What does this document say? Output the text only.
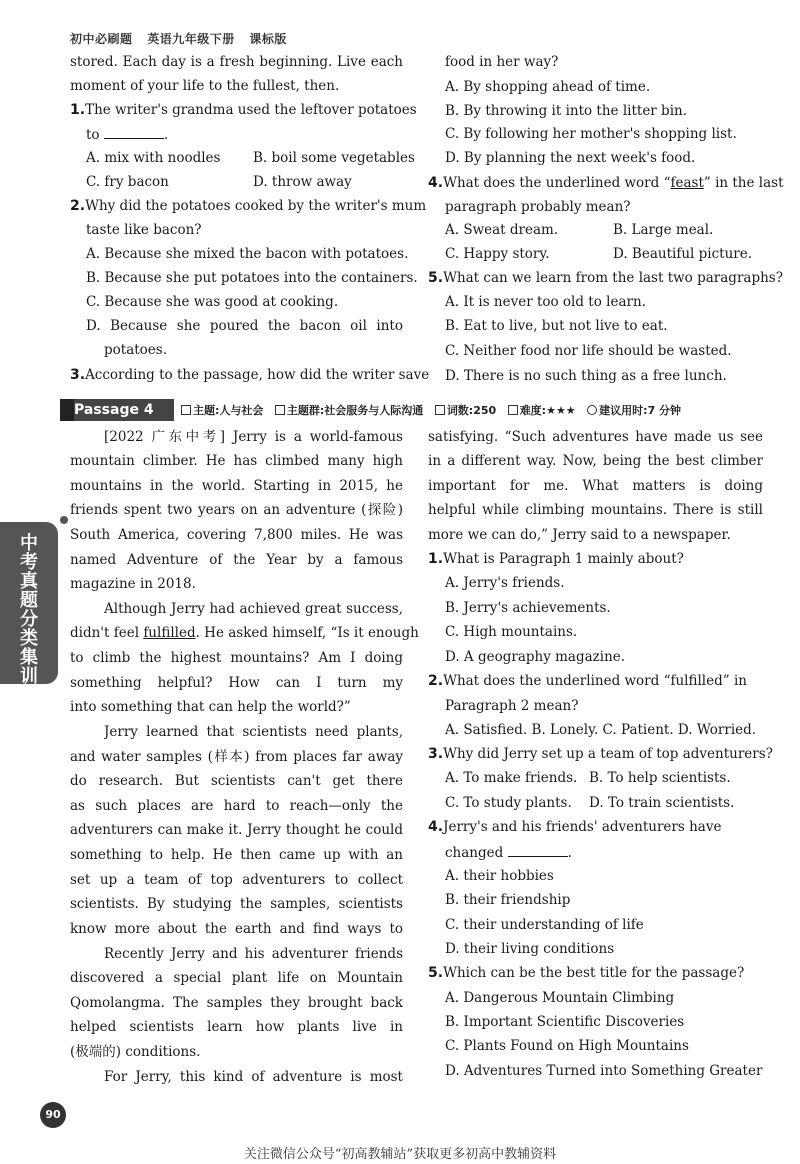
初中必刷题 英语九年级下册 课标版
stored. Each day is a fresh beginning. Live each
moment of your life to the fullest, then.
1.The writer's grandma used the leftover potatoes
to	.
A. mix with noodles B. boil some vegetables
C. fry bacon	D. throw away
2.Why did the potatoes cooked by the writer's mum
taste like bacon?
A. Because she mixed the bacon with potatoes.
B. Because she put potatoes into the containers.
C. Because she was good at cooking.
D. Because she poured the bacon oil into
potatoes.
3.According to the passage, how did the writer save
food in her way?
A. By shopping ahead of time.
B. By throwing it into the litter bin.
C. By following her mother's shopping list.
D. By planning the next week's food.
4.What does the underlined word “feast” in the last
paragraph probably mean?
A. Sweat dream.	B. Large meal.
C. Happy story.	D. Beautiful picture.
5.What can we learn from the last two paragraphs?
A. It is never too old to learn.
B. Eat to live, but not live to eat.
C. Neither food nor life should be wasted.
D. There is no such thing as a free lunch.
Passage 4	主题:人与社会 主题群:社会服务与人际沟通 词数:250 难度:★★★ 建议用时:7 分钟
[2022 广东中考] Jerry is a world-famous
mountain climber. He has climbed many high
mountains in the world. Starting in 2015, he
friends spent two years on an adventure (探险)
South America, covering 7,800 miles. He was
named Adventure of the Year by a famous
magazine in 2018.
Although Jerry had achieved great success,
didn't feel fulfilled. He asked himself, “Is it enough
to climb the highest mountains? Am I doing
something helpful? How can I turn my
into something that can help the world?”
Jerry learned that scientists need plants,
and water samples (样本) from places far away
do research. But scientists can't get there
as such places are hard to reach—only the
adventurers can make it. Jerry thought he could
something to help. He then came up with an
set up a team of top adventurers to collect
scientists. By studying the samples, scientists
know more about the earth and find ways to
Recently Jerry and his adventurer friends
discovered a special plant life on Mountain
Qomolangma. The samples they brought back
helped scientists learn how plants live in
(极端的) conditions.
For Jerry, this kind of adventure is most
satisfying. “Such adventures have made us see
in a different way. Now, being the best climber
important for me. What matters is doing
helpful while climbing mountains. There is still
more we can do,” Jerry said to a newspaper.
1.What is Paragraph 1 mainly about?
A. Jerry's friends.
B. Jerry's achievements.
C. High mountains.
D. A geography magazine.
2.What does the underlined word “fulfilled” in
Paragraph 2 mean?
A. Satisfied. B. Lonely. C. Patient. D. Worried.
3.Why did Jerry set up a team of top adventurers?
A. To make friends. B. To help scientists.
C. To study plants. D. To train scientists.
4.Jerry's and his friends' adventurers have
changed	.
A. their hobbies
B. their friendship
C. their understanding of life
D. their living conditions
5.Which can be the best title for the passage?
A. Dangerous Mountain Climbing
B. Important Scientific Discoveries
C. Plants Found on High Mountains
D. Adventures Turned into Something Greater
中考真题分类集训
90
关注微信公众号“初高教辅站”获取更多初高中教辅资料
